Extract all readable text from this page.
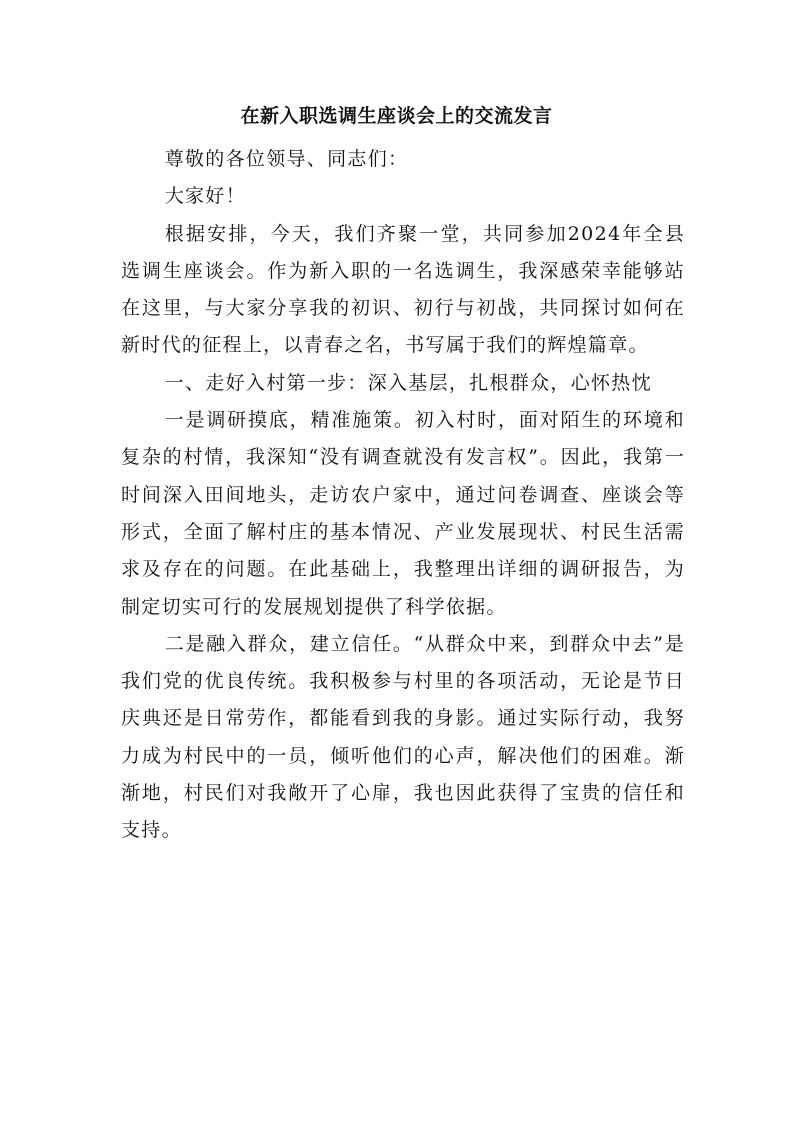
在新入职选调生座谈会上的交流发言

尊敬的各位领导、同志们：

大家好！

根据安排，今天，我们齐聚一堂，共同参加2024年全县选调生座谈会。作为新入职的一名选调生，我深感荣幸能够站在这里，与大家分享我的初识、初行与初战，共同探讨如何在新时代的征程上，以青春之名，书写属于我们的辉煌篇章。

一、走好入村第一步：深入基层，扎根群众，心怀热忱

一是调研摸底，精准施策。初入村时，面对陌生的环境和复杂的村情，我深知“没有调查就没有发言权”。因此，我第一时间深入田间地头，走访农户家中，通过问卷调查、座谈会等形式，全面了解村庄的基本情况、产业发展现状、村民生活需求及存在的问题。在此基础上，我整理出详细的调研报告，为制定切实可行的发展规划提供了科学依据。

二是融入群众，建立信任。“从群众中来，到群众中去”是我们党的优良传统。我积极参与村里的各项活动，无论是节日庆典还是日常劳作，都能看到我的身影。通过实际行动，我努力成为村民中的一员，倾听他们的心声，解决他们的困难。渐渐地，村民们对我敞开了心扉，我也因此获得了宝贵的信任和支持。
